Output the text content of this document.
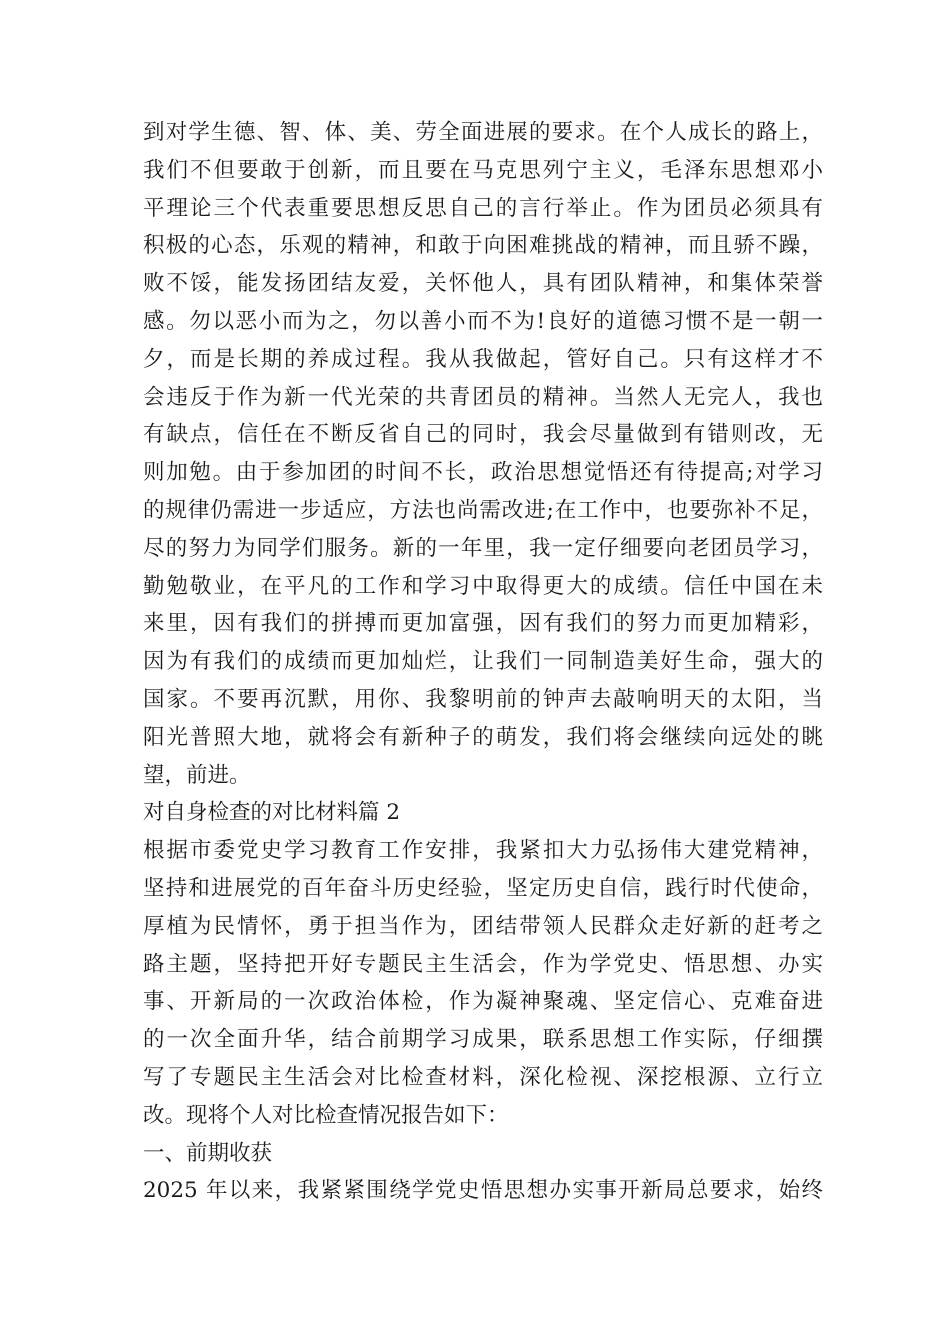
到对学生德、智、体、美、劳全面进展的要求。在个人成长的路上，
我们不但要敢于创新，而且要在马克思列宁主义，毛泽东思想邓小
平理论三个代表重要思想反思自己的言行举止。作为团员必须具有
积极的心态，乐观的精神，和敢于向困难挑战的精神，而且骄不躁，
败不馁，能发扬团结友爱，关怀他人，具有团队精神，和集体荣誉
感。勿以恶小而为之，勿以善小而不为!良好的道德习惯不是一朝一
夕，而是长期的养成过程。我从我做起，管好自己。只有这样才不
会违反于作为新一代光荣的共青团员的精神。当然人无完人，我也
有缺点，信任在不断反省自己的同时，我会尽量做到有错则改，无
则加勉。由于参加团的时间不长，政治思想觉悟还有待提高;对学习
的规律仍需进一步适应，方法也尚需改进;在工作中，也要弥补不足，
尽的努力为同学们服务。新的一年里，我一定仔细要向老团员学习，
勤勉敬业，在平凡的工作和学习中取得更大的成绩。信任中国在未
来里，因有我们的拼搏而更加富强，因有我们的努力而更加精彩，
因为有我们的成绩而更加灿烂，让我们一同制造美好生命，强大的
国家。不要再沉默，用你、我黎明前的钟声去敲响明天的太阳，当
阳光普照大地，就将会有新种子的萌发，我们将会继续向远处的眺
望，前进。
对自身检查的对比材料篇 2
根据市委党史学习教育工作安排，我紧扣大力弘扬伟大建党精神，
坚持和进展党的百年奋斗历史经验，坚定历史自信，践行时代使命，
厚植为民情怀，勇于担当作为，团结带领人民群众走好新的赶考之
路主题，坚持把开好专题民主生活会，作为学党史、悟思想、办实
事、开新局的一次政治体检，作为凝神聚魂、坚定信心、克难奋进
的一次全面升华，结合前期学习成果，联系思想工作实际，仔细撰
写了专题民主生活会对比检查材料，深化检视、深挖根源、立行立
改。现将个人对比检查情况报告如下：
一、前期收获
2025 年以来，我紧紧围绕学党史悟思想办实事开新局总要求，始终
